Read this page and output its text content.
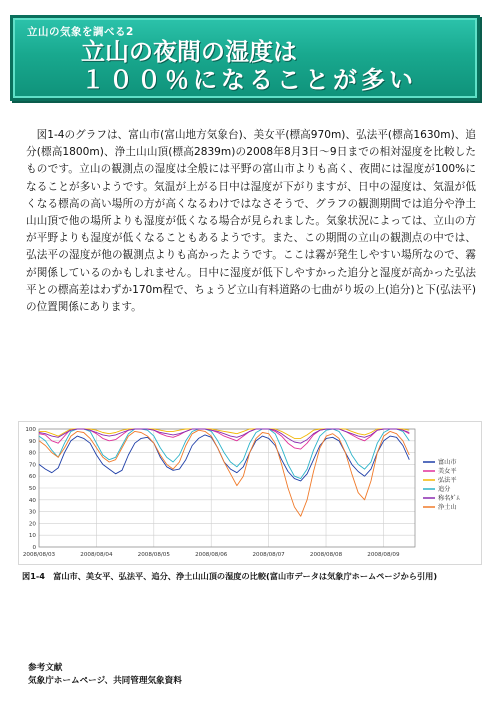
立山の気象を調べる2
立山の夜間の湿度は
１００％になることが多い

図1-4のグラフは、富山市(富山地方気象台)、美女平(標高970m)、弘法平(標高1630m)、追分(標高1800m)、浄土山山頂(標高2839m)の2008年8月3日〜9日までの相対湿度を比較したものです。立山の観測点の湿度は全般には平野の富山市よりも高く、夜間には湿度が100%になることが多いようです。気温が上がる日中は湿度が下がりますが、日中の湿度は、気温が低くなる標高の高い場所の方が高くなるわけではなさそうで、グラフの観測期間では追分や浄土山山頂で他の場所よりも湿度が低くなる場合が見られました。気象状況によっては、立山の方が平野よりも湿度が低くなることもあるようです。また、この期間の立山の観測点の中では、弘法平の湿度が他の観測点よりも高かったようです。ここは霧が発生しやすい場所なので、霧が関係しているのかもしれません。日中に湿度が低下しやすかった追分と湿度が高かった弘法平との標高差はわずか170m程で、ちょうど立山有料道路の七曲がり坂の上(追分)と下(弘法平)の位置関係にあります。

0
10
20
30
40
50
60
70
80
90
100
2008/08/03	2008/08/04	2008/08/05	2008/08/06	2008/08/07	2008/08/08	2008/08/09
富山市
美女平
弘法平
追分
称名ﾀﾞﾑ
浄土山
図1-4　富山市、美女平、弘法平、追分、浄土山山頂の湿度の比較(富山市データは気象庁ホームページから引用)
参考文献
気象庁ホームページ、共同管理気象資料
